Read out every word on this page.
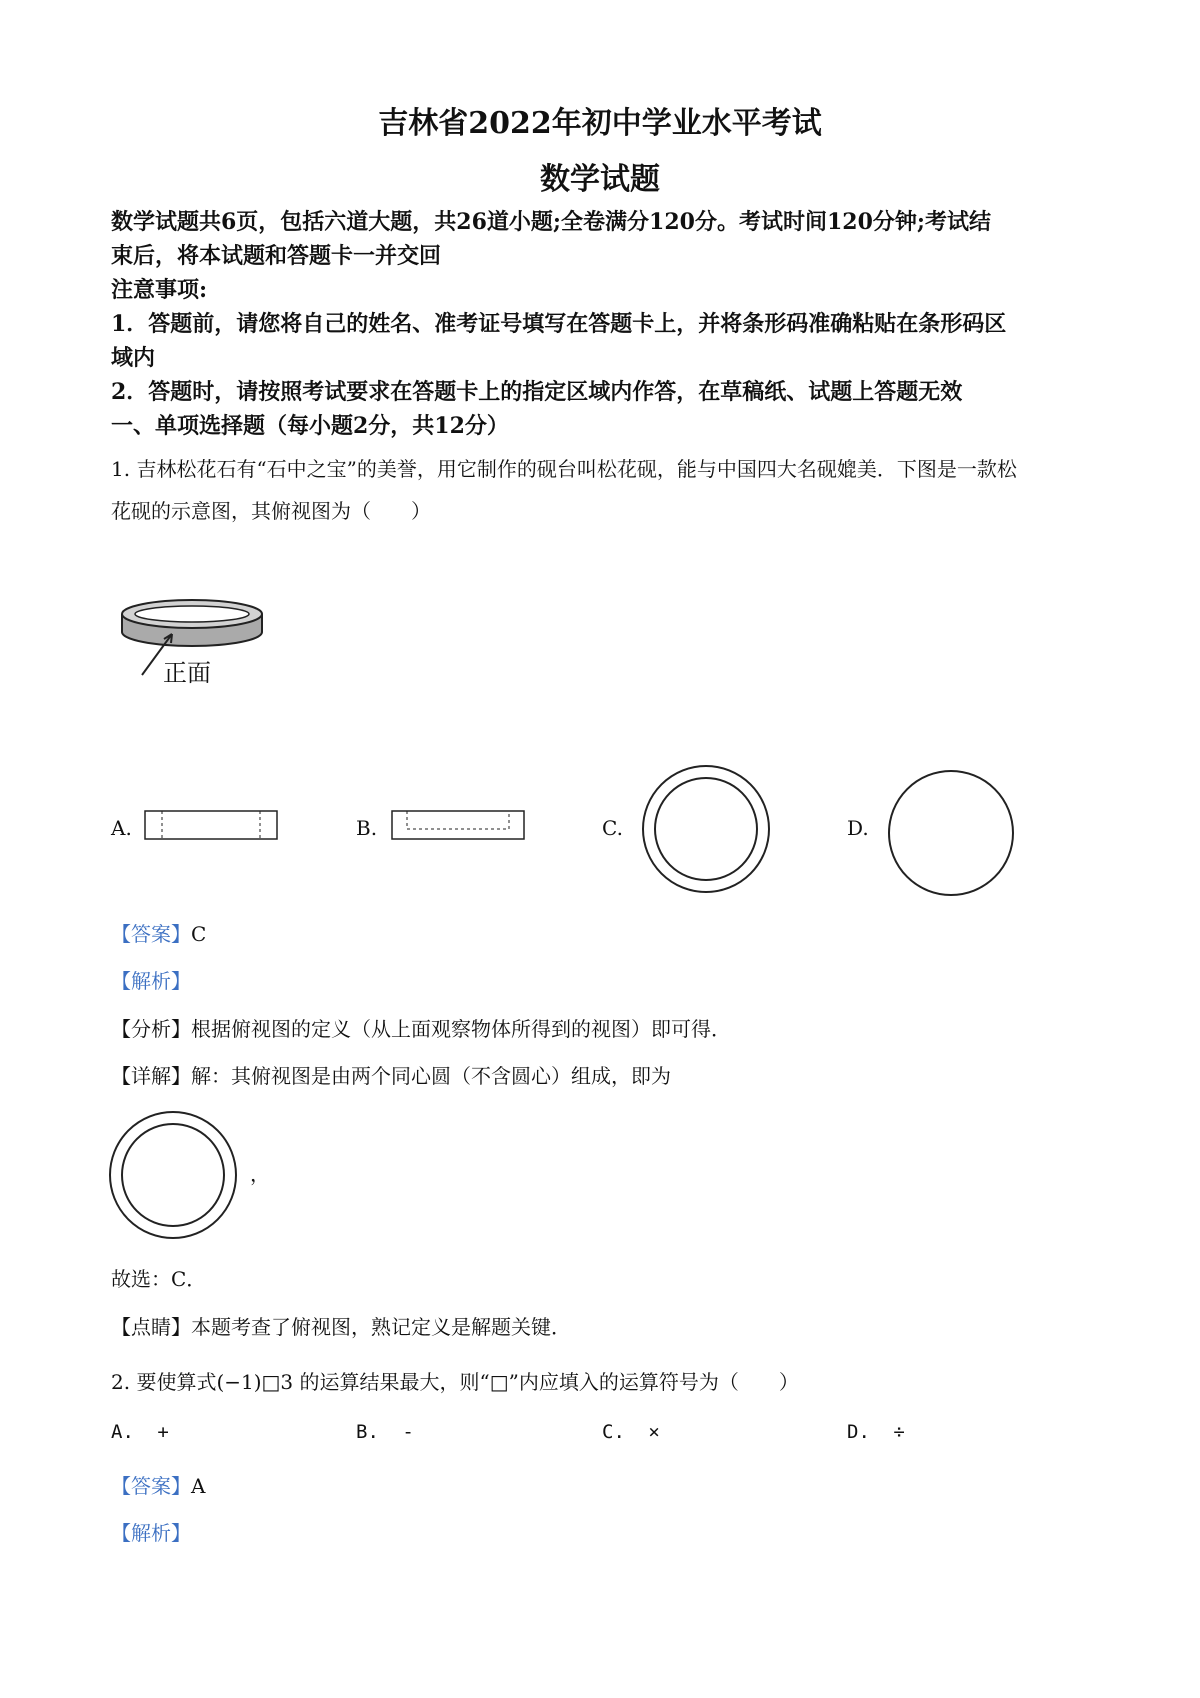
吉林省2022年初中学业水平考试
数学试题
数学试题共6页，包括六道大题，共26道小题;全卷满分120分。考试时间120分钟;考试结
束后，将本试题和答题卡一并交回
注意事项:
1．答题前，请您将自己的姓名、准考证号填写在答题卡上，并将条形码准确粘贴在条形码区
域内
2．答题时，请按照考试要求在答题卡上的指定区域内作答，在草稿纸、试题上答题无效
一、单项选择题（每小题2分，共12分）
1. 吉林松花石有“石中之宝”的美誉，用它制作的砚台叫松花砚，能与中国四大名砚媲美．下图是一款松
花砚的示意图，其俯视图为（　　）
正面
A.	B.	C.	D.
【答案】C
【解析】
【分析】根据俯视图的定义（从上面观察物体所得到的视图）即可得．
【详解】解：其俯视图是由两个同心圆（不含圆心）组成，即为
，
故选：C．
【点睛】本题考查了俯视图，熟记定义是解题关键．
2. 要使算式(−1)□3 的运算结果最大，则“□”内应填入的运算符号为（　　）
A. +	B. -	C. ×	D. ÷
【答案】A
【解析】
